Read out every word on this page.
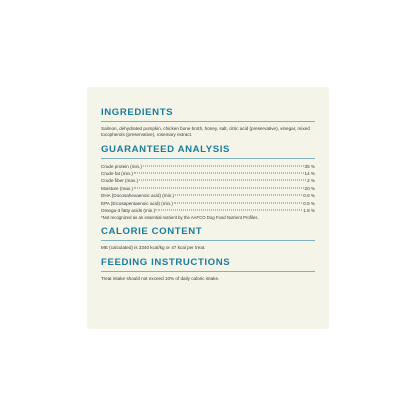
INGREDIENTS

Salmon, dehydrated pumpkin, chicken bone broth, honey, salt, citric acid (preservative), vinegar, mixed tocopherols (preservative), rosemary extract.

GUARANTEED ANALYSIS
Crude protein (min.)	35 %
Crude fat (min.)	14 %
Crude fiber (max.)	2 %
Moisture (max.)	20 %
DHA (Docosahexaenoic acid) (min.)	0.6 %
EPA (Eicosapentaenoic acid) (min.)	0.5 %
Omega-3 fatty acids (min.)*	1.8 %

*Not recognized as an essential nutrient by the AAFCO Dog Food Nutrient Profiles.

CALORIE CONTENT

ME (calculated) is 3340 kcal/kg or 47 kcal per treat.

FEEDING INSTRUCTIONS

Treat intake should not exceed 10% of daily caloric intake.
